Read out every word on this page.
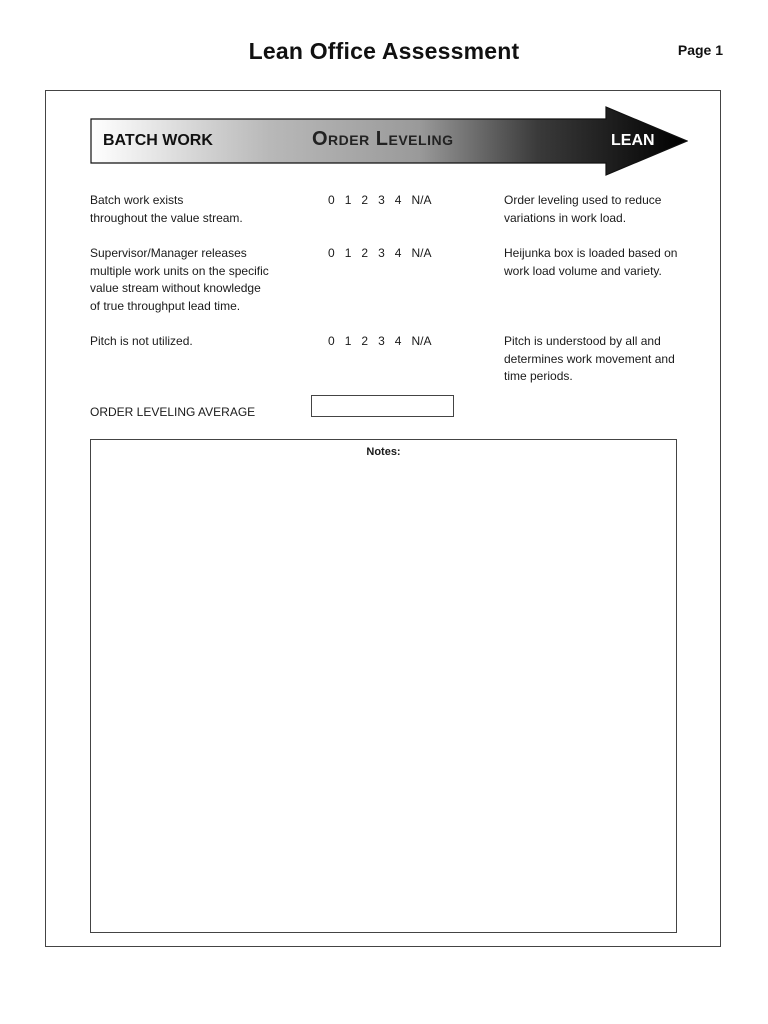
Lean Office Assessment	Page 1
BATCH WORK	Order Leveling	LEAN
Batch work exists
throughout the value stream.
0 1 2 3 4 N/A	Order leveling used to reduce
variations in work load.
Supervisor/Manager releases
multiple work units on the specific
value stream without knowledge
of true throughput lead time.
0 1 2 3 4 N/A	Heijunka box is loaded based on
work load volume and variety.
Pitch is not utilized.	0 1 2 3 4 N/A	Pitch is understood by all and
determines work movement and
time periods.
ORDER LEVELING AVERAGE
Notes:
